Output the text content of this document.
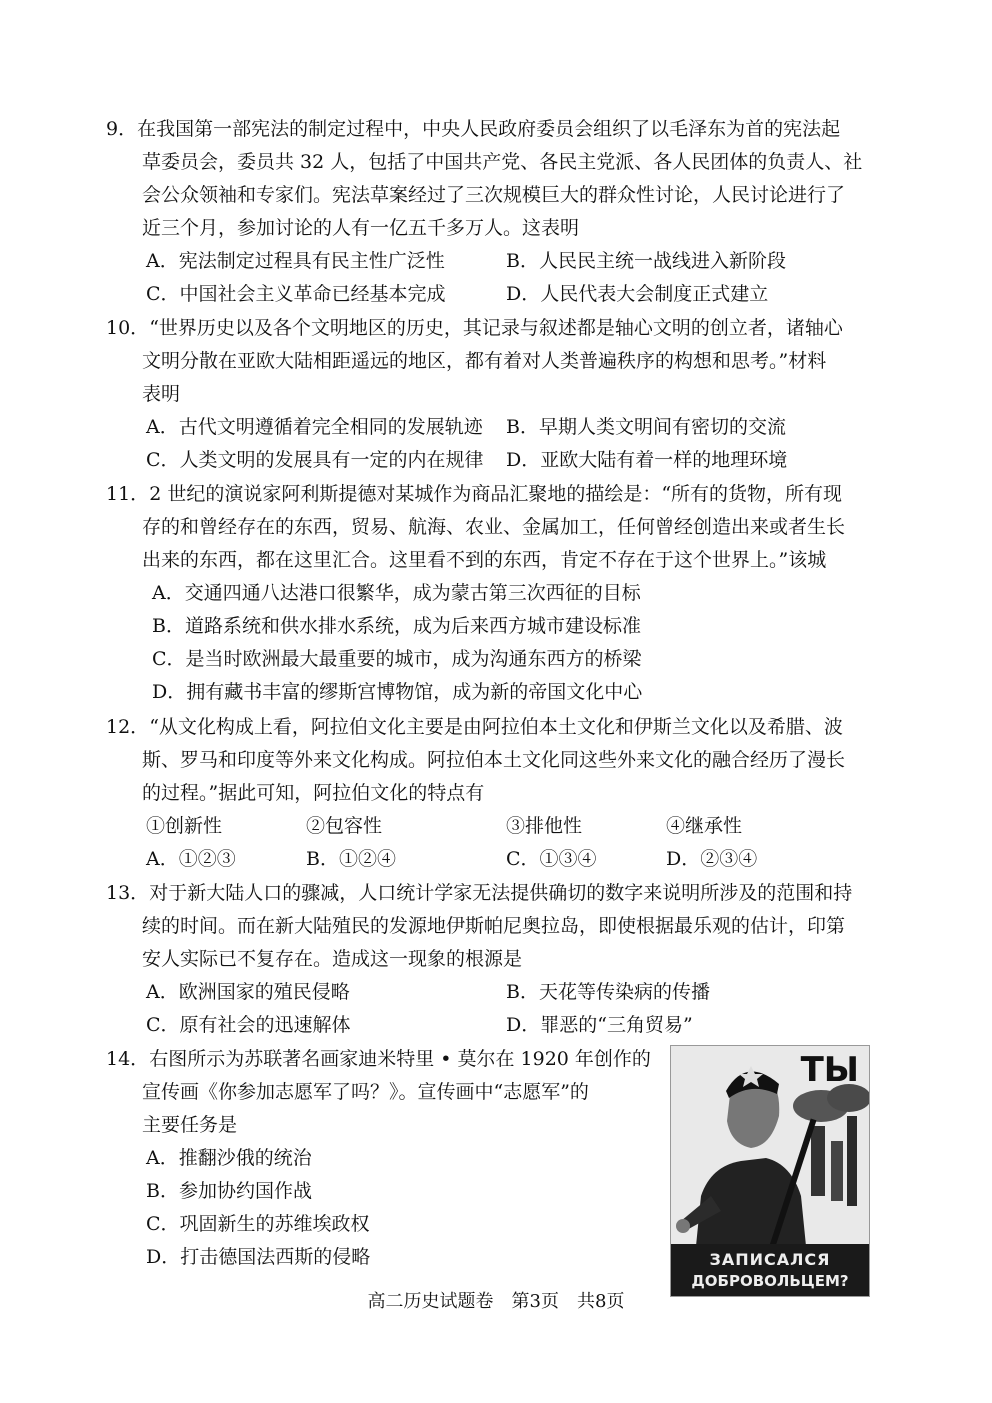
9．在我国第一部宪法的制定过程中，中央人民政府委员会组织了以毛泽东为首的宪法起
草委员会，委员共 32 人，包括了中国共产党、各民主党派、各人民团体的负责人、社
会公众领袖和专家们。宪法草案经过了三次规模巨大的群众性讨论，人民讨论进行了
近三个月，参加讨论的人有一亿五千多万人。这表明
A．宪法制定过程具有民主性广泛性	B．人民民主统一战线进入新阶段
C．中国社会主义革命已经基本完成	D．人民代表大会制度正式建立
10．“世界历史以及各个文明地区的历史，其记录与叙述都是轴心文明的创立者，诸轴心
文明分散在亚欧大陆相距遥远的地区，都有着对人类普遍秩序的构想和思考。”材料
表明
A．古代文明遵循着完全相同的发展轨迹	B．早期人类文明间有密切的交流
C．人类文明的发展具有一定的内在规律	D．亚欧大陆有着一样的地理环境
11．2 世纪的演说家阿利斯提德对某城作为商品汇聚地的描绘是：“所有的货物，所有现
存的和曾经存在的东西，贸易、航海、农业、金属加工，任何曾经创造出来或者生长
出来的东西，都在这里汇合。这里看不到的东西，肯定不存在于这个世界上。”该城
A．交通四通八达港口很繁华，成为蒙古第三次西征的目标
B．道路系统和供水排水系统，成为后来西方城市建设标准
C．是当时欧洲最大最重要的城市，成为沟通东西方的桥梁
D．拥有藏书丰富的缪斯宫博物馆，成为新的帝国文化中心
12．“从文化构成上看，阿拉伯文化主要是由阿拉伯本土文化和伊斯兰文化以及希腊、波
斯、罗马和印度等外来文化构成。阿拉伯本土文化同这些外来文化的融合经历了漫长
的过程。”据此可知，阿拉伯文化的特点有
①创新性	②包容性	③排他性	④继承性
A．①②③	B．①②④	C．①③④	D．②③④
13．对于新大陆人口的骤减，人口统计学家无法提供确切的数字来说明所涉及的范围和持
续的时间。而在新大陆殖民的发源地伊斯帕尼奥拉岛，即使根据最乐观的估计，印第
安人实际已不复存在。造成这一现象的根源是
A．欧洲国家的殖民侵略	B．天花等传染病的传播
C．原有社会的迅速解体	D．罪恶的“三角贸易”
14．右图所示为苏联著名画家迪米特里 • 莫尔在 1920 年创作的
宣传画《你参加志愿军了吗？》。宣传画中“志愿军”的
主要任务是
A．推翻沙俄的统治
B．参加协约国作战
C．巩固新生的苏维埃政权
D．打击德国法西斯的侵略
ТЫ
ЗАПИСАЛСЯ
ДОБРОВОЛЬЦЕМ?
高二历史试题卷　第3页　共8页
